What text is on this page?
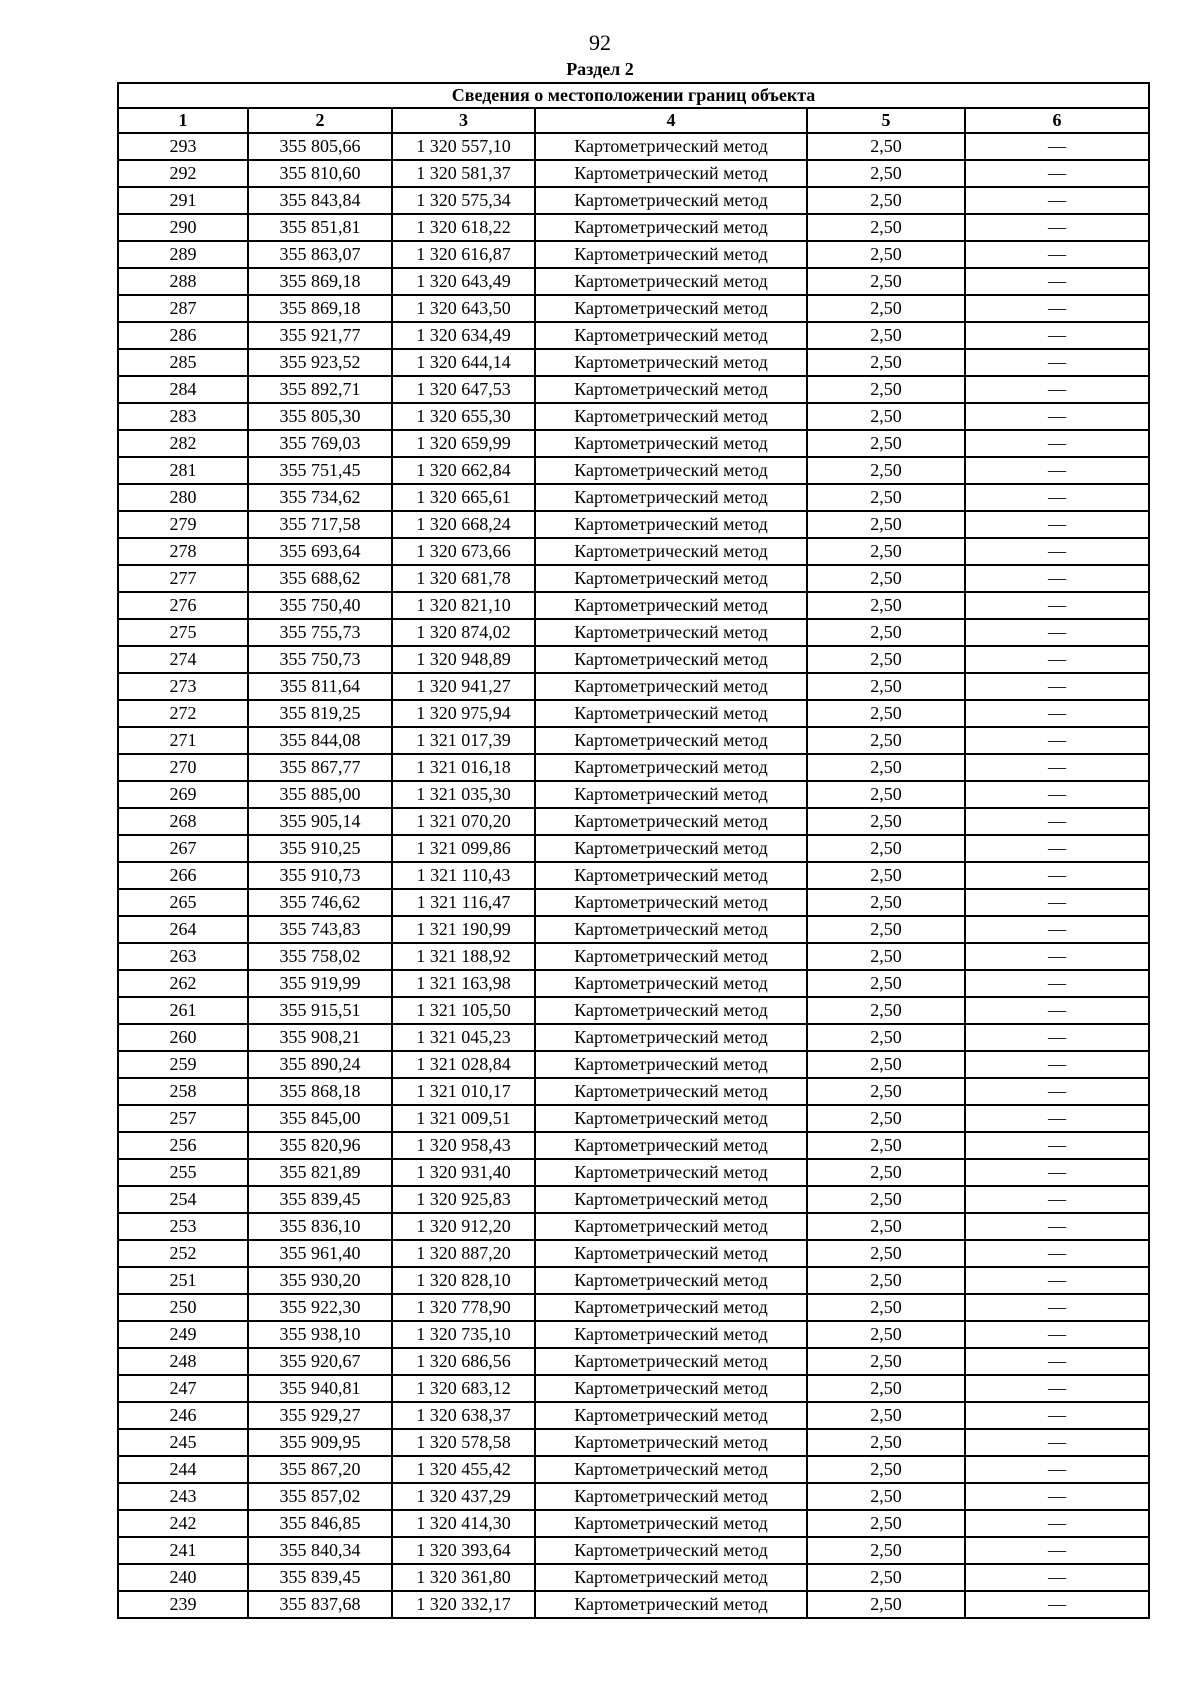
92
Раздел 2
Сведения о местоположении границ объекта					
1	2	3	4	5	6
293	355 805,66	1 320 557,10	Картометрический метод	2,50	—
292	355 810,60	1 320 581,37	Картометрический метод	2,50	—
291	355 843,84	1 320 575,34	Картометрический метод	2,50	—
290	355 851,81	1 320 618,22	Картометрический метод	2,50	—
289	355 863,07	1 320 616,87	Картометрический метод	2,50	—
288	355 869,18	1 320 643,49	Картометрический метод	2,50	—
287	355 869,18	1 320 643,50	Картометрический метод	2,50	—
286	355 921,77	1 320 634,49	Картометрический метод	2,50	—
285	355 923,52	1 320 644,14	Картометрический метод	2,50	—
284	355 892,71	1 320 647,53	Картометрический метод	2,50	—
283	355 805,30	1 320 655,30	Картометрический метод	2,50	—
282	355 769,03	1 320 659,99	Картометрический метод	2,50	—
281	355 751,45	1 320 662,84	Картометрический метод	2,50	—
280	355 734,62	1 320 665,61	Картометрический метод	2,50	—
279	355 717,58	1 320 668,24	Картометрический метод	2,50	—
278	355 693,64	1 320 673,66	Картометрический метод	2,50	—
277	355 688,62	1 320 681,78	Картометрический метод	2,50	—
276	355 750,40	1 320 821,10	Картометрический метод	2,50	—
275	355 755,73	1 320 874,02	Картометрический метод	2,50	—
274	355 750,73	1 320 948,89	Картометрический метод	2,50	—
273	355 811,64	1 320 941,27	Картометрический метод	2,50	—
272	355 819,25	1 320 975,94	Картометрический метод	2,50	—
271	355 844,08	1 321 017,39	Картометрический метод	2,50	—
270	355 867,77	1 321 016,18	Картометрический метод	2,50	—
269	355 885,00	1 321 035,30	Картометрический метод	2,50	—
268	355 905,14	1 321 070,20	Картометрический метод	2,50	—
267	355 910,25	1 321 099,86	Картометрический метод	2,50	—
266	355 910,73	1 321 110,43	Картометрический метод	2,50	—
265	355 746,62	1 321 116,47	Картометрический метод	2,50	—
264	355 743,83	1 321 190,99	Картометрический метод	2,50	—
263	355 758,02	1 321 188,92	Картометрический метод	2,50	—
262	355 919,99	1 321 163,98	Картометрический метод	2,50	—
261	355 915,51	1 321 105,50	Картометрический метод	2,50	—
260	355 908,21	1 321 045,23	Картометрический метод	2,50	—
259	355 890,24	1 321 028,84	Картометрический метод	2,50	—
258	355 868,18	1 321 010,17	Картометрический метод	2,50	—
257	355 845,00	1 321 009,51	Картометрический метод	2,50	—
256	355 820,96	1 320 958,43	Картометрический метод	2,50	—
255	355 821,89	1 320 931,40	Картометрический метод	2,50	—
254	355 839,45	1 320 925,83	Картометрический метод	2,50	—
253	355 836,10	1 320 912,20	Картометрический метод	2,50	—
252	355 961,40	1 320 887,20	Картометрический метод	2,50	—
251	355 930,20	1 320 828,10	Картометрический метод	2,50	—
250	355 922,30	1 320 778,90	Картометрический метод	2,50	—
249	355 938,10	1 320 735,10	Картометрический метод	2,50	—
248	355 920,67	1 320 686,56	Картометрический метод	2,50	—
247	355 940,81	1 320 683,12	Картометрический метод	2,50	—
246	355 929,27	1 320 638,37	Картометрический метод	2,50	—
245	355 909,95	1 320 578,58	Картометрический метод	2,50	—
244	355 867,20	1 320 455,42	Картометрический метод	2,50	—
243	355 857,02	1 320 437,29	Картометрический метод	2,50	—
242	355 846,85	1 320 414,30	Картометрический метод	2,50	—
241	355 840,34	1 320 393,64	Картометрический метод	2,50	—
240	355 839,45	1 320 361,80	Картометрический метод	2,50	—
239	355 837,68	1 320 332,17	Картометрический метод	2,50	—
